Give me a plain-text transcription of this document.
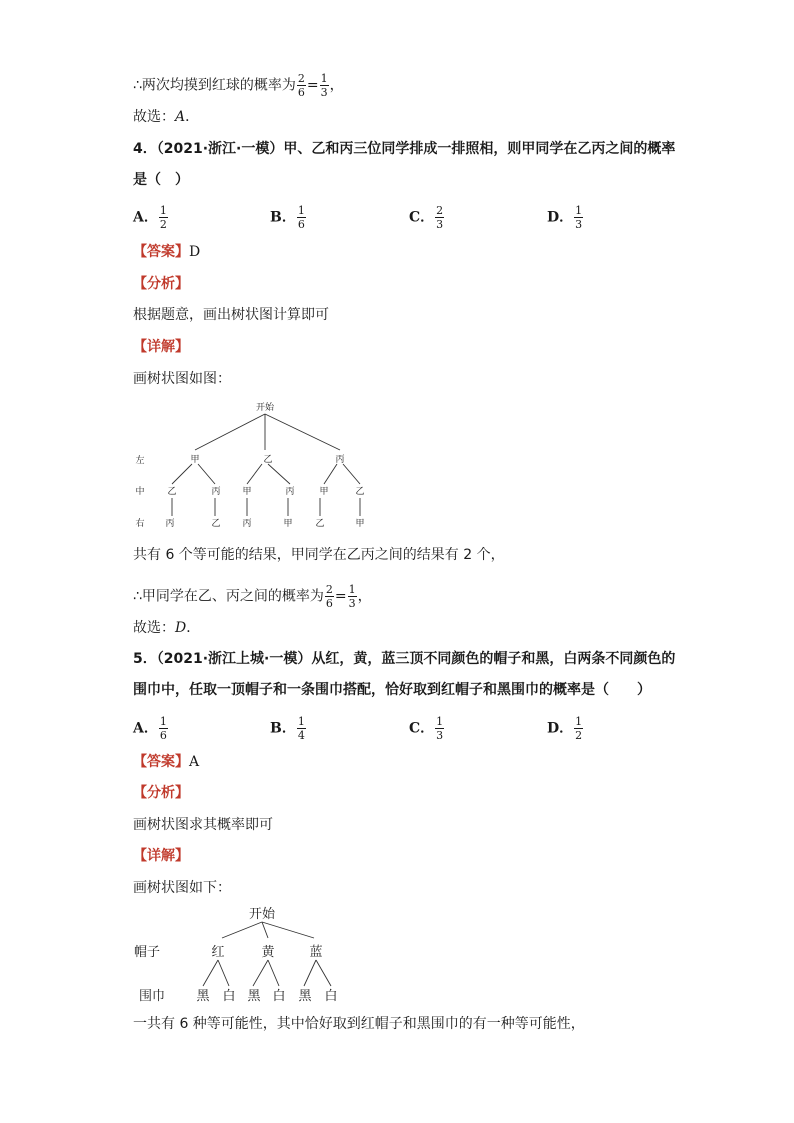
∴两次均摸到红球的概率为 $\frac{2}{6} = \frac{1}{3}$ ，
故选：A．
4．（2021·浙江·一模）甲、乙和丙三位同学排成一排照相，则甲同学在乙丙之间的概率
是（　）
A． $\frac{1}{2}$	B． $\frac{1}{6}$	C． $\frac{2}{3}$	D． $\frac{1}{3}$
【答案】D
【分析】
根据题意，画出树状图计算即可
【详解】
画树状图如图：
开始
左
中
右
甲	乙	丙
乙	丙 甲	丙	甲	乙
丙	乙 丙	甲	乙	甲
共有 6 个等可能的结果，甲同学在乙丙之间的结果有 2 个，
∴甲同学在乙、丙之间的概率为 $\frac{2}{6} = \frac{1}{3}$ ，
故选：D．
5．（2021·浙江上城·一模）从红，黄，蓝三顶不同颜色的帽子和黑，白两条不同颜色的
围巾中，任取一顶帽子和一条围巾搭配，恰好取到红帽子和黑围巾的概率是（　　）
A． $\frac{1}{6}$	B． $\frac{1}{4}$	C． $\frac{1}{3}$	D． $\frac{1}{2}$
【答案】A
【分析】
画树状图求其概率即可
【详解】
画树状图如下：
开始
帽子
围巾
红	黄	蓝
黑 白 黑 白 黑 白
一共有 6 种等可能性，其中恰好取到红帽子和黑围巾的有一种等可能性，
